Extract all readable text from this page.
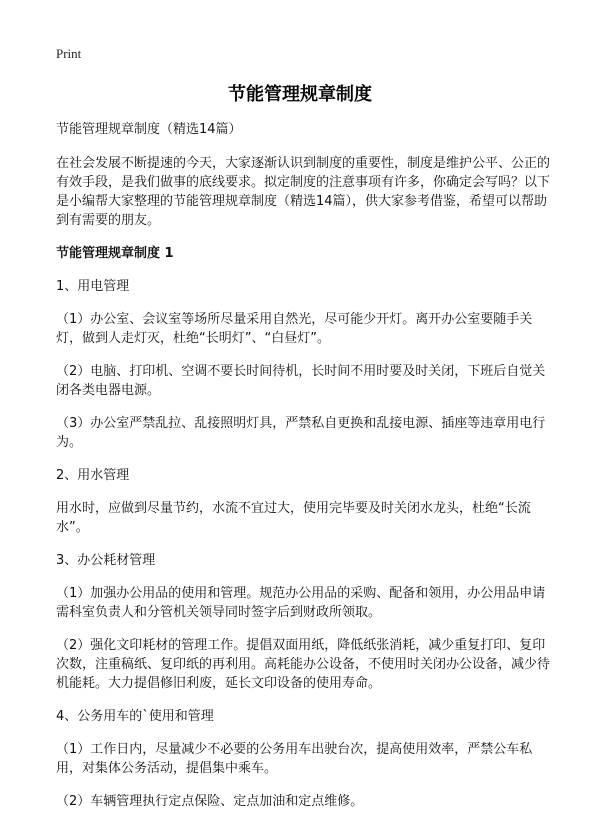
Print
节能管理规章制度

节能管理规章制度（精选14篇）

在社会发展不断提速的今天，大家逐渐认识到制度的重要性，制度是维护公平、公正的有效手段，是我们做事的底线要求。拟定制度的注意事项有许多，你确定会写吗？以下是小编帮大家整理的节能管理规章制度（精选14篇），供大家参考借鉴，希望可以帮助到有需要的朋友。

节能管理规章制度 1

1、用电管理

（1）办公室、会议室等场所尽量采用自然光，尽可能少开灯。离开办公室要随手关灯，做到人走灯灭，杜绝“长明灯”、“白昼灯”。

（2）电脑、打印机、空调不要长时间待机，长时间不用时要及时关闭，下班后自觉关闭各类电器电源。

（3）办公室严禁乱拉、乱接照明灯具，严禁私自更换和乱接电源、插座等违章用电行为。

2、用水管理

用水时，应做到尽量节约，水流不宜过大，使用完毕要及时关闭水龙头，杜绝“长流水”。

3、办公耗材管理

（1）加强办公用品的使用和管理。规范办公用品的采购、配备和领用，办公用品申请需科室负责人和分管机关领导同时签字后到财政所领取。

（2）强化文印耗材的管理工作。提倡双面用纸，降低纸张消耗，减少重复打印、复印次数，注重稿纸、复印纸的再利用。高耗能办公设备，不使用时关闭办公设备，减少待机能耗。大力提倡修旧利废，延长文印设备的使用寿命。

4、公务用车的`使用和管理

（1）工作日内，尽量减少不必要的公务用车出驶台次，提高使用效率，严禁公车私用，对集体公务活动，提倡集中乘车。

（2）车辆管理执行定点保险、定点加油和定点维修。
